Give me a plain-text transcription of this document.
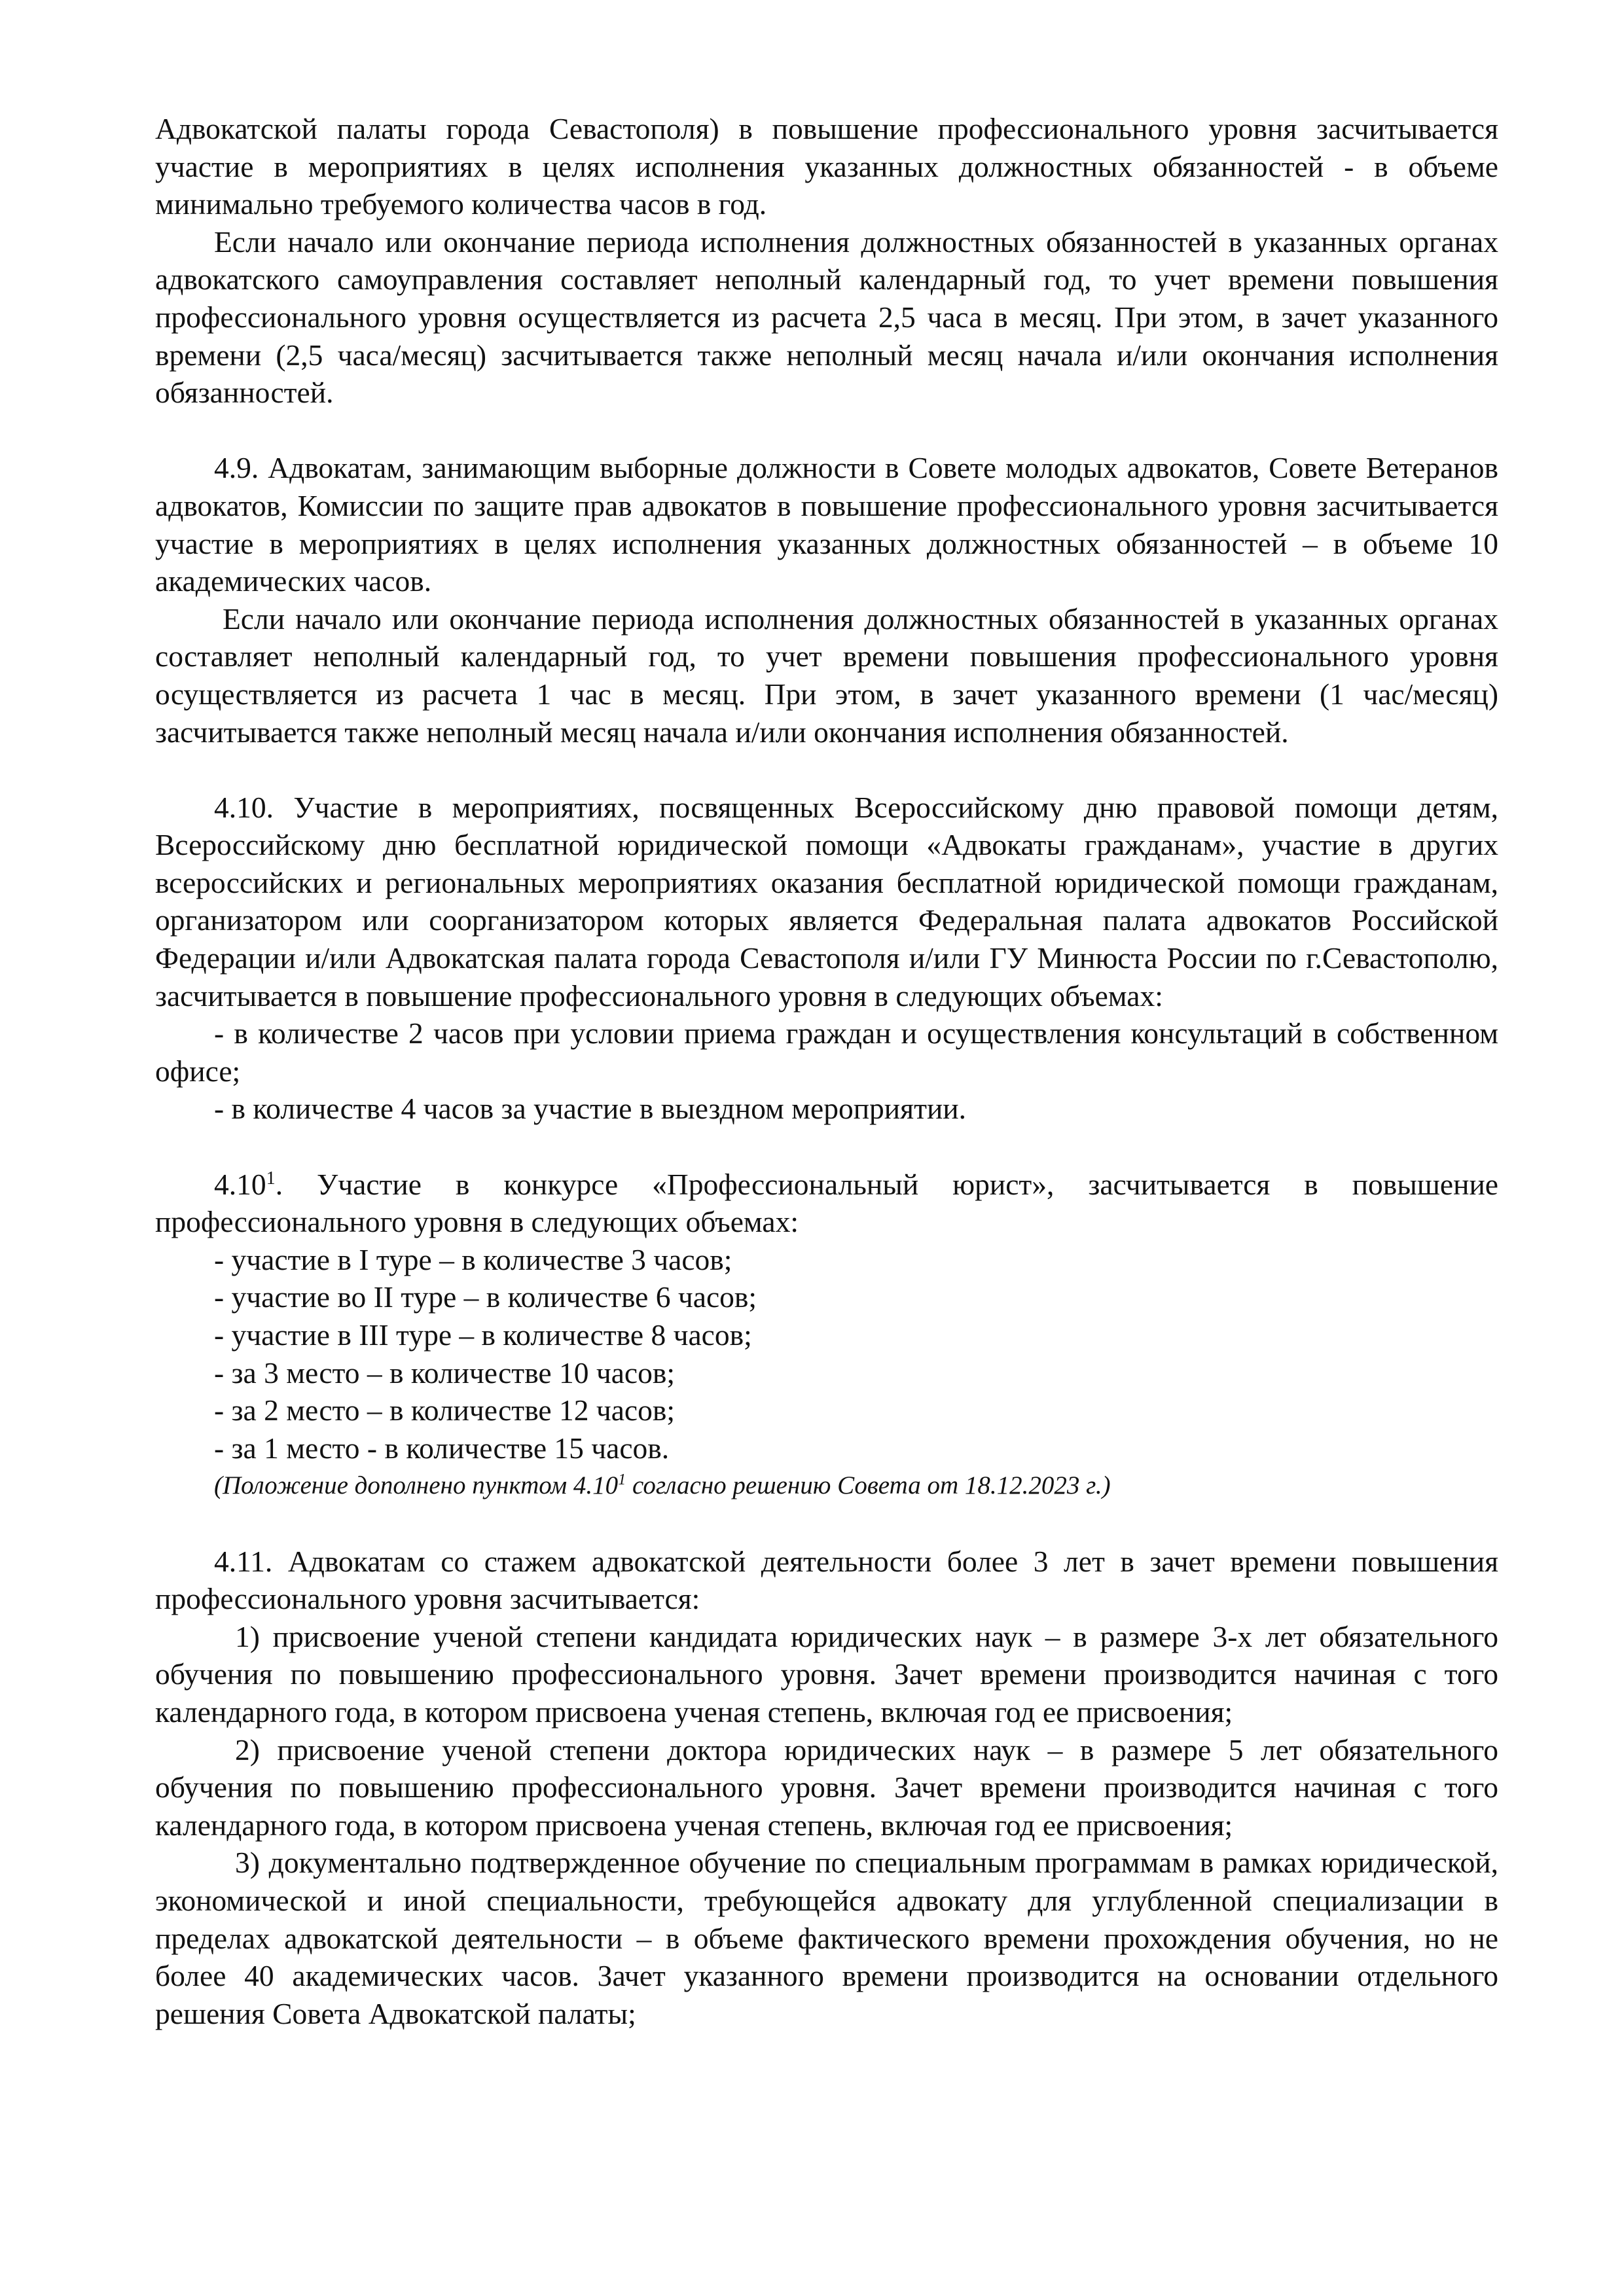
Адвокатской палаты города Севастополя) в повышение профессионального уровня засчитывается участие в мероприятиях в целях исполнения указанных должностных обязанностей - в объеме минимально требуемого количества часов в год.

Если начало или окончание периода исполнения должностных обязанностей в указанных органах адвокатского самоуправления составляет неполный календарный год, то учет времени повышения профессионального уровня осуществляется из расчета 2,5 часа в месяц. При этом, в зачет указанного времени (2,5 часа/месяц) засчитывается также неполный месяц начала и/или окончания исполнения обязанностей.

4.9. Адвокатам, занимающим выборные должности в Совете молодых адвокатов, Совете Ветеранов адвокатов, Комиссии по защите прав адвокатов в повышение профессионального уровня засчитывается участие в мероприятиях в целях исполнения указанных должностных обязанностей – в объеме 10 академических часов.

Если начало или окончание периода исполнения должностных обязанностей в указанных органах составляет неполный календарный год, то учет времени повышения профессионального уровня осуществляется из расчета 1 час в месяц. При этом, в зачет указанного времени (1 час/месяц) засчитывается также неполный месяц начала и/или окончания исполнения обязанностей.

4.10. Участие в мероприятиях, посвященных Всероссийскому дню правовой помощи детям, Всероссийскому дню бесплатной юридической помощи «Адвокаты гражданам», участие в других всероссийских и региональных мероприятиях оказания бесплатной юридической помощи гражданам, организатором или соорганизатором которых является Федеральная палата адвокатов Российской Федерации и/или Адвокатская палата города Севастополя и/или ГУ Минюста России по г.Севастополю, засчитывается в повышение профессионального уровня в следующих объемах:

- в количестве 2 часов при условии приема граждан и осуществления консультаций в собственном офисе;

- в количестве 4 часов за участие в выездном мероприятии.

4.10$^1$. Участие в конкурсе «Профессиональный юрист», засчитывается в повышение профессионального уровня в следующих объемах:

- участие в I туре – в количестве 3 часов;

- участие во II туре – в количестве 6 часов;

- участие в III туре – в количестве 8 часов;

- за 3 место – в количестве 10 часов;

- за 2 место – в количестве 12 часов;

- за 1 место - в количестве 15 часов.

(Положение дополнено пунктом 4.10$^1$ согласно решению Совета от 18.12.2023 г.)

4.11. Адвокатам со стажем адвокатской деятельности более 3 лет в зачет времени повышения профессионального уровня засчитывается:

1) присвоение ученой степени кандидата юридических наук – в размере 3-х лет обязательного обучения по повышению профессионального уровня. Зачет времени производится начиная с того календарного года, в котором присвоена ученая степень, включая год ее присвоения;

2) присвоение ученой степени доктора юридических наук – в размере 5 лет обязательного обучения по повышению профессионального уровня. Зачет времени производится начиная с того календарного года, в котором присвоена ученая степень, включая год ее присвоения;

3) документально подтвержденное обучение по специальным программам в рамках юридической, экономической и иной специальности, требующейся адвокату для углубленной специализации в пределах адвокатской деятельности – в объеме фактического времени прохождения обучения, но не более 40 академических часов. Зачет указанного времени производится на основании отдельного решения Совета Адвокатской палаты;
